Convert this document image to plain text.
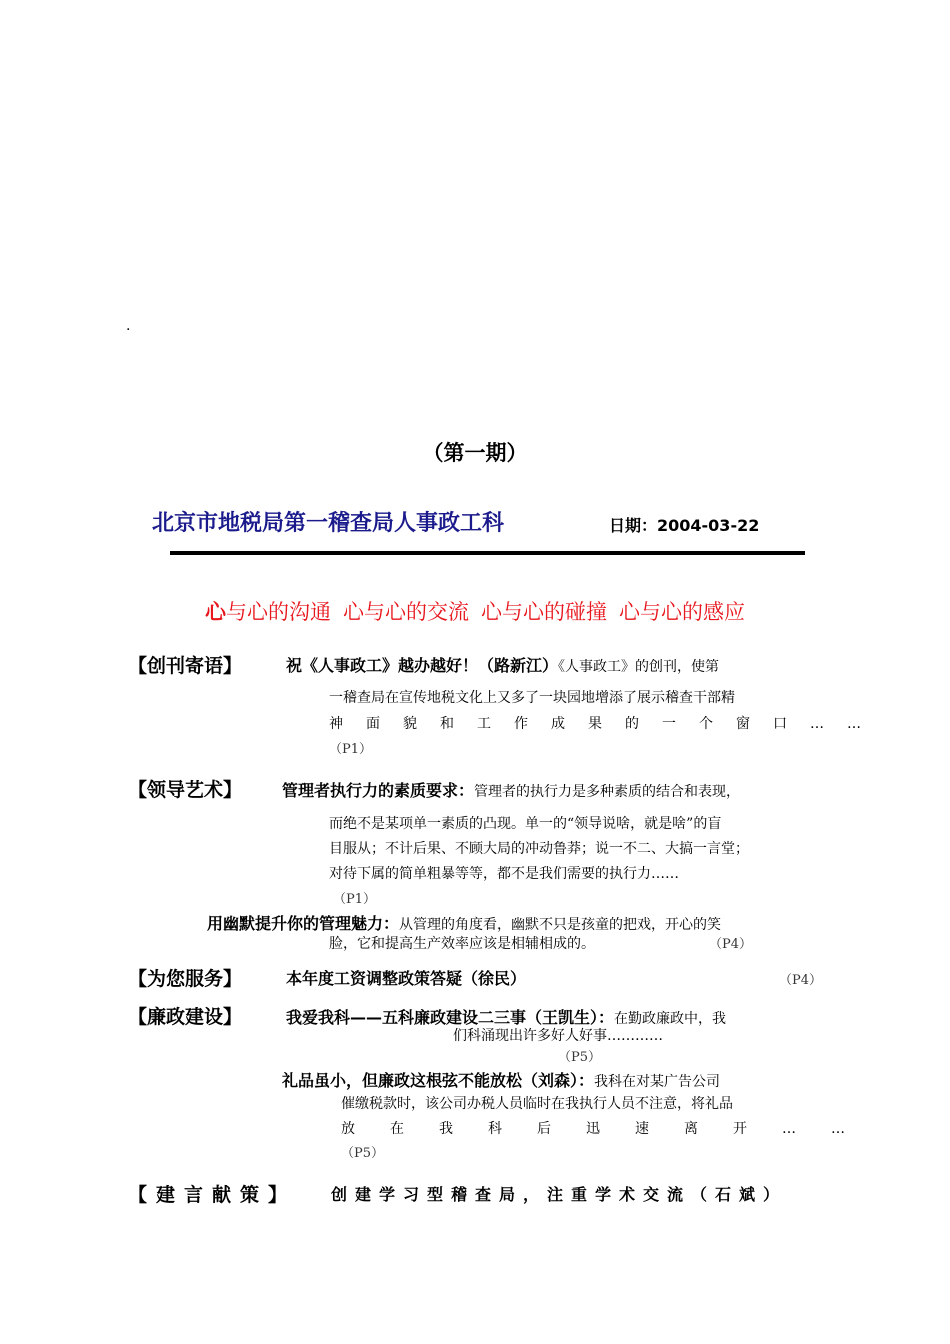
.
（第一期）
北京市地税局第一稽查局人事政工科	日期：2004-03-22
心与心的沟通 心与心的交流 心与心的碰撞 心与心的感应
【创刊寄语】	祝《人事政工》越办越好！（路新江）《人事政工》的创刊，使第
一稽查局在宣传地税文化上又多了一块园地增添了展示稽查干部精
神面貌和工作成果的一个窗口……
（P1）
【领导艺术】 管理者执行力的素质要求：管理者的执行力是多种素质的结合和表现，
而绝不是某项单一素质的凸现。单一的“领导说啥，就是啥”的盲
目服从；不计后果、不顾大局的冲动鲁莽；说一不二、大搞一言堂；
对待下属的简单粗暴等等，都不是我们需要的执行力……
（P1）
用幽默提升你的管理魅力：从管理的角度看，幽默不只是孩童的把戏，开心的笑
脸，它和提高生产效率应该是相辅相成的。	（P4）
【为您服务】	本年度工资调整政策答疑（徐民）	（P4）
【廉政建设】	我爱我科——五科廉政建设二三事（王凯生）：在勤政廉政中，我
们科涌现出许多好人好事…………
（P5）
礼品虽小，但廉政这根弦不能放松（刘森）：我科在对某广告公司
催缴税款时，该公司办税人员临时在我执行人员不注意，将礼品
放在我科后迅速离开……
（P5）
【建言献策】 创建学习型稽查局，注重学术交流（石斌）
